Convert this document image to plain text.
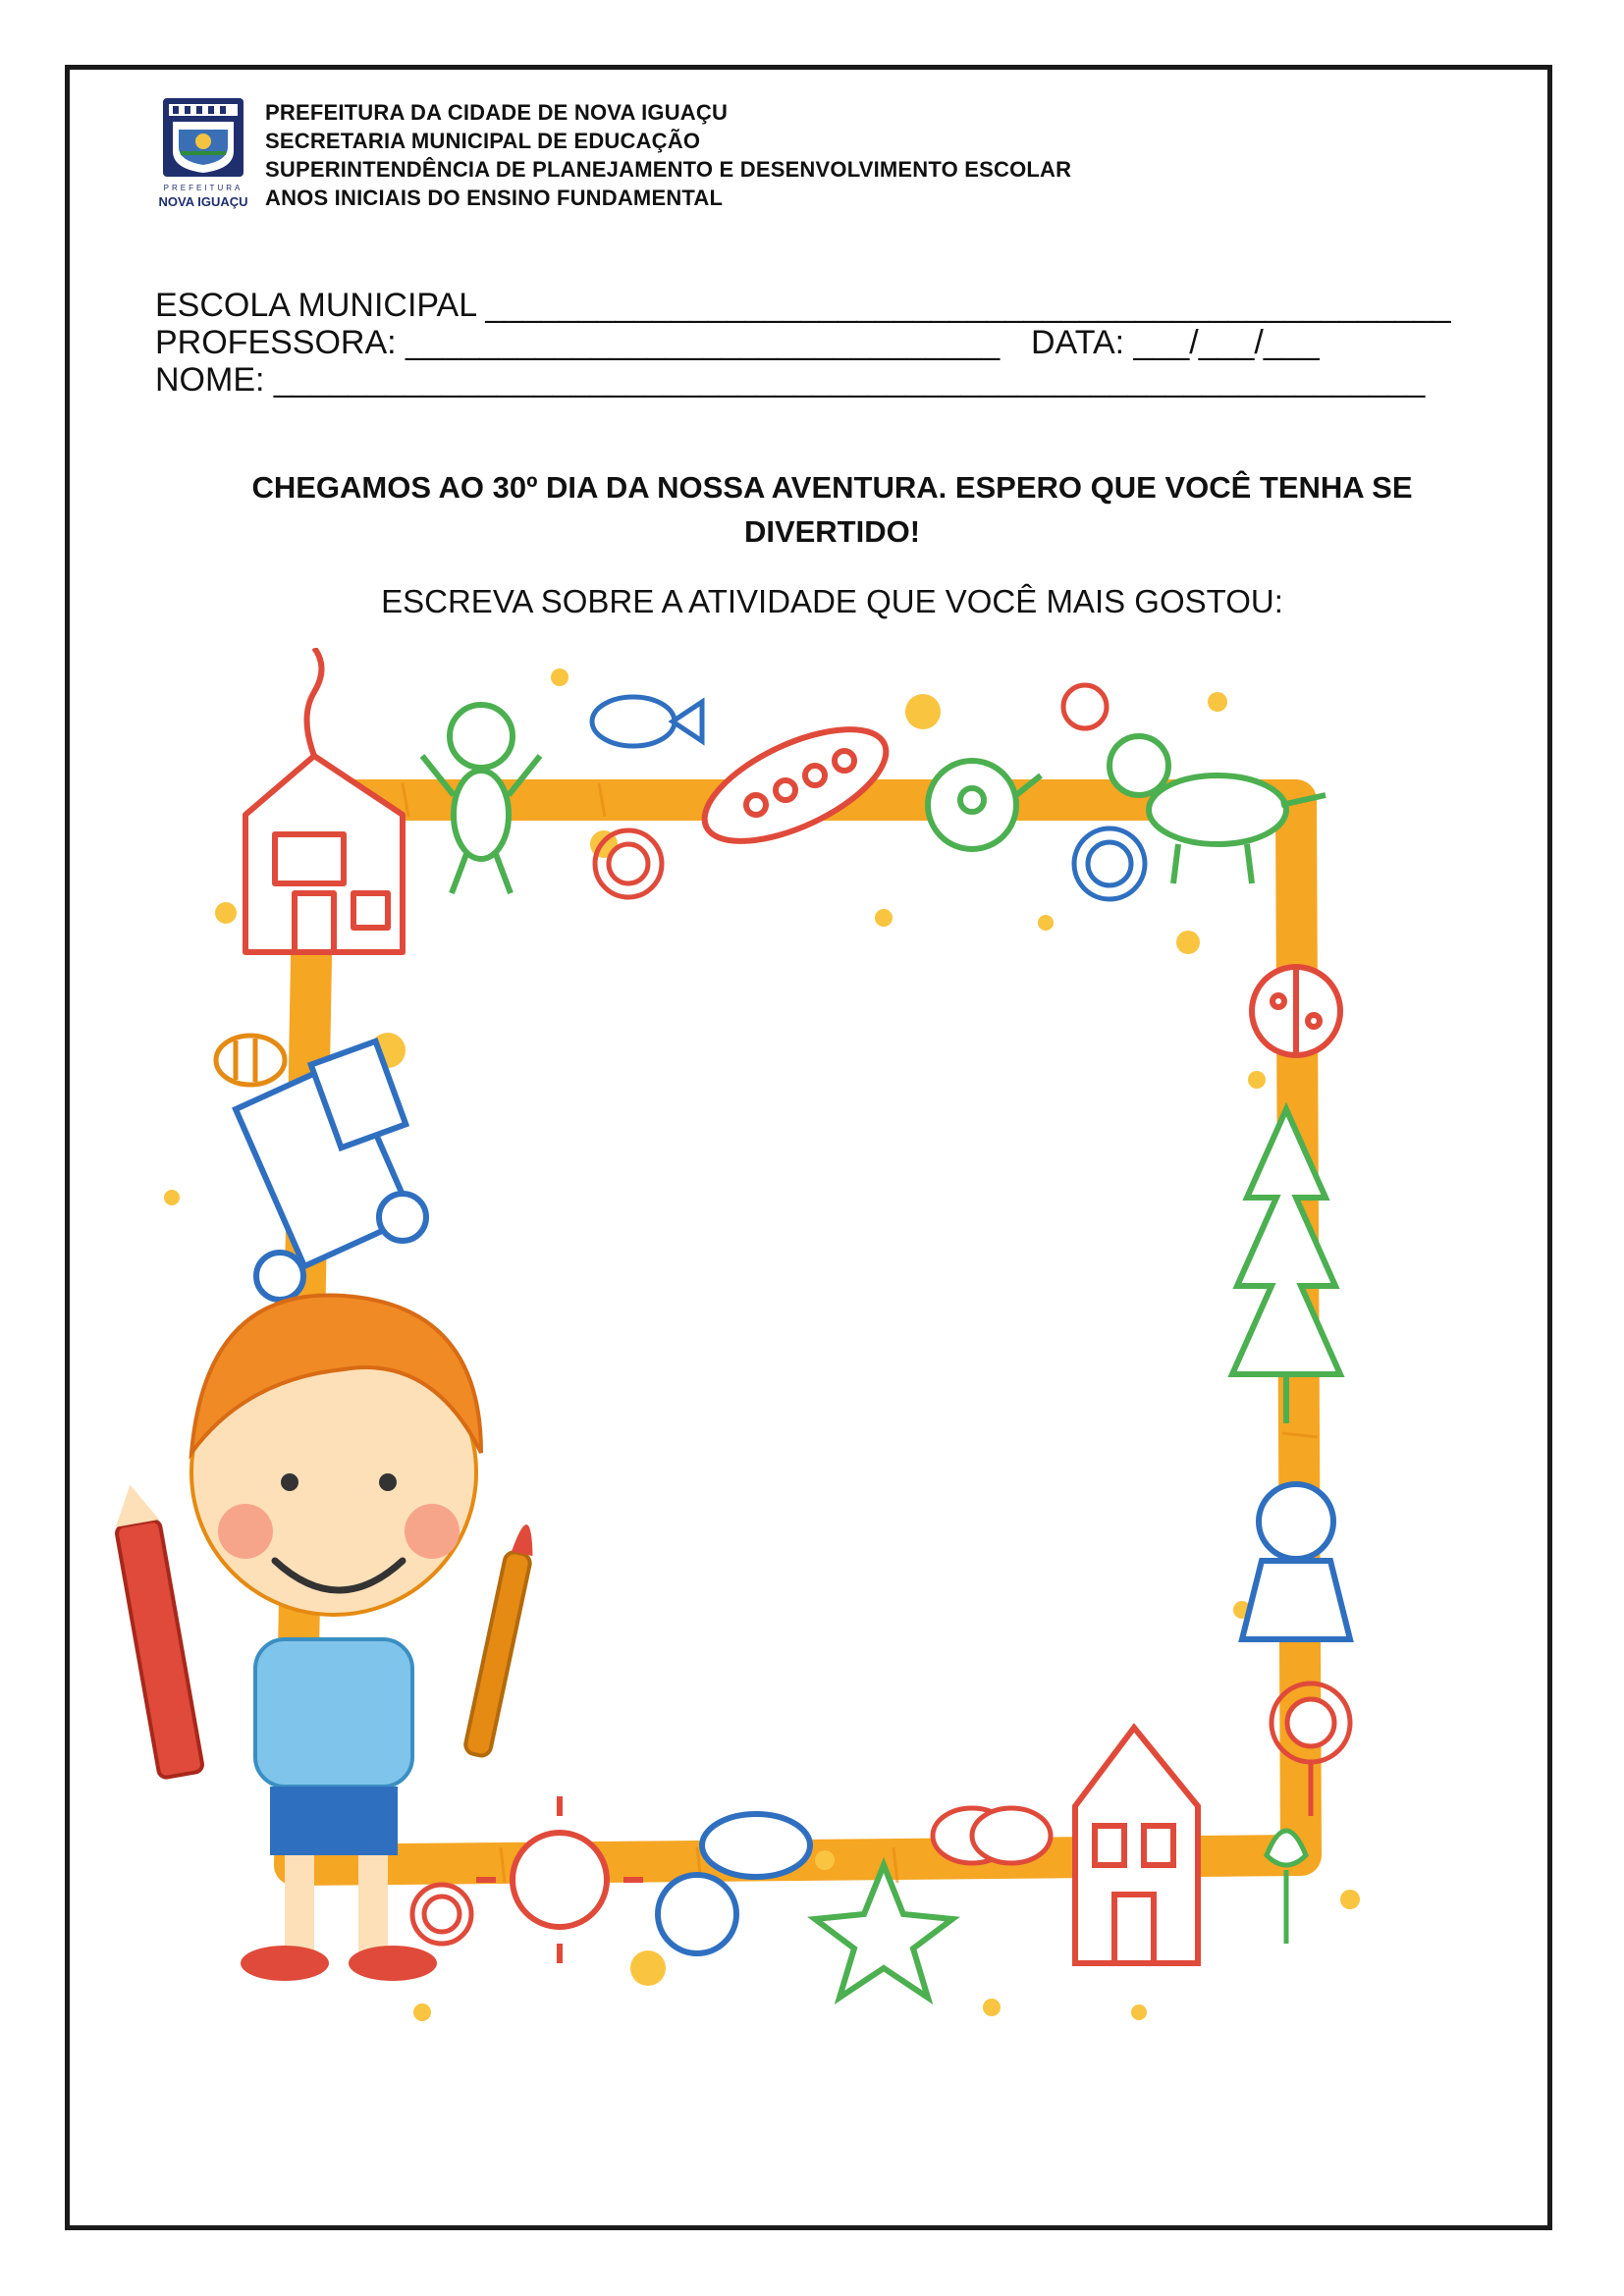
PREFEITURA
NOVA IGUAÇU
PREFEITURA DA CIDADE DE NOVA IGUAÇU
SECRETARIA MUNICIPAL DE EDUCAÇÃO
SUPERINTENDÊNCIA DE PLANEJAMENTO E DESENVOLVIMENTO ESCOLAR
ANOS INICIAIS DO ENSINO FUNDAMENTAL
ESCOLA MUNICIPAL ____________________________________________________
PROFESSORA: ________________________________ DATA: ___/___/___
NOME: ______________________________________________________________
CHEGAMOS AO 30º DIA DA NOSSA AVENTURA. ESPERO QUE VOCÊ TENHA SE
DIVERTIDO!
ESCREVA SOBRE A ATIVIDADE QUE VOCÊ MAIS GOSTOU:
